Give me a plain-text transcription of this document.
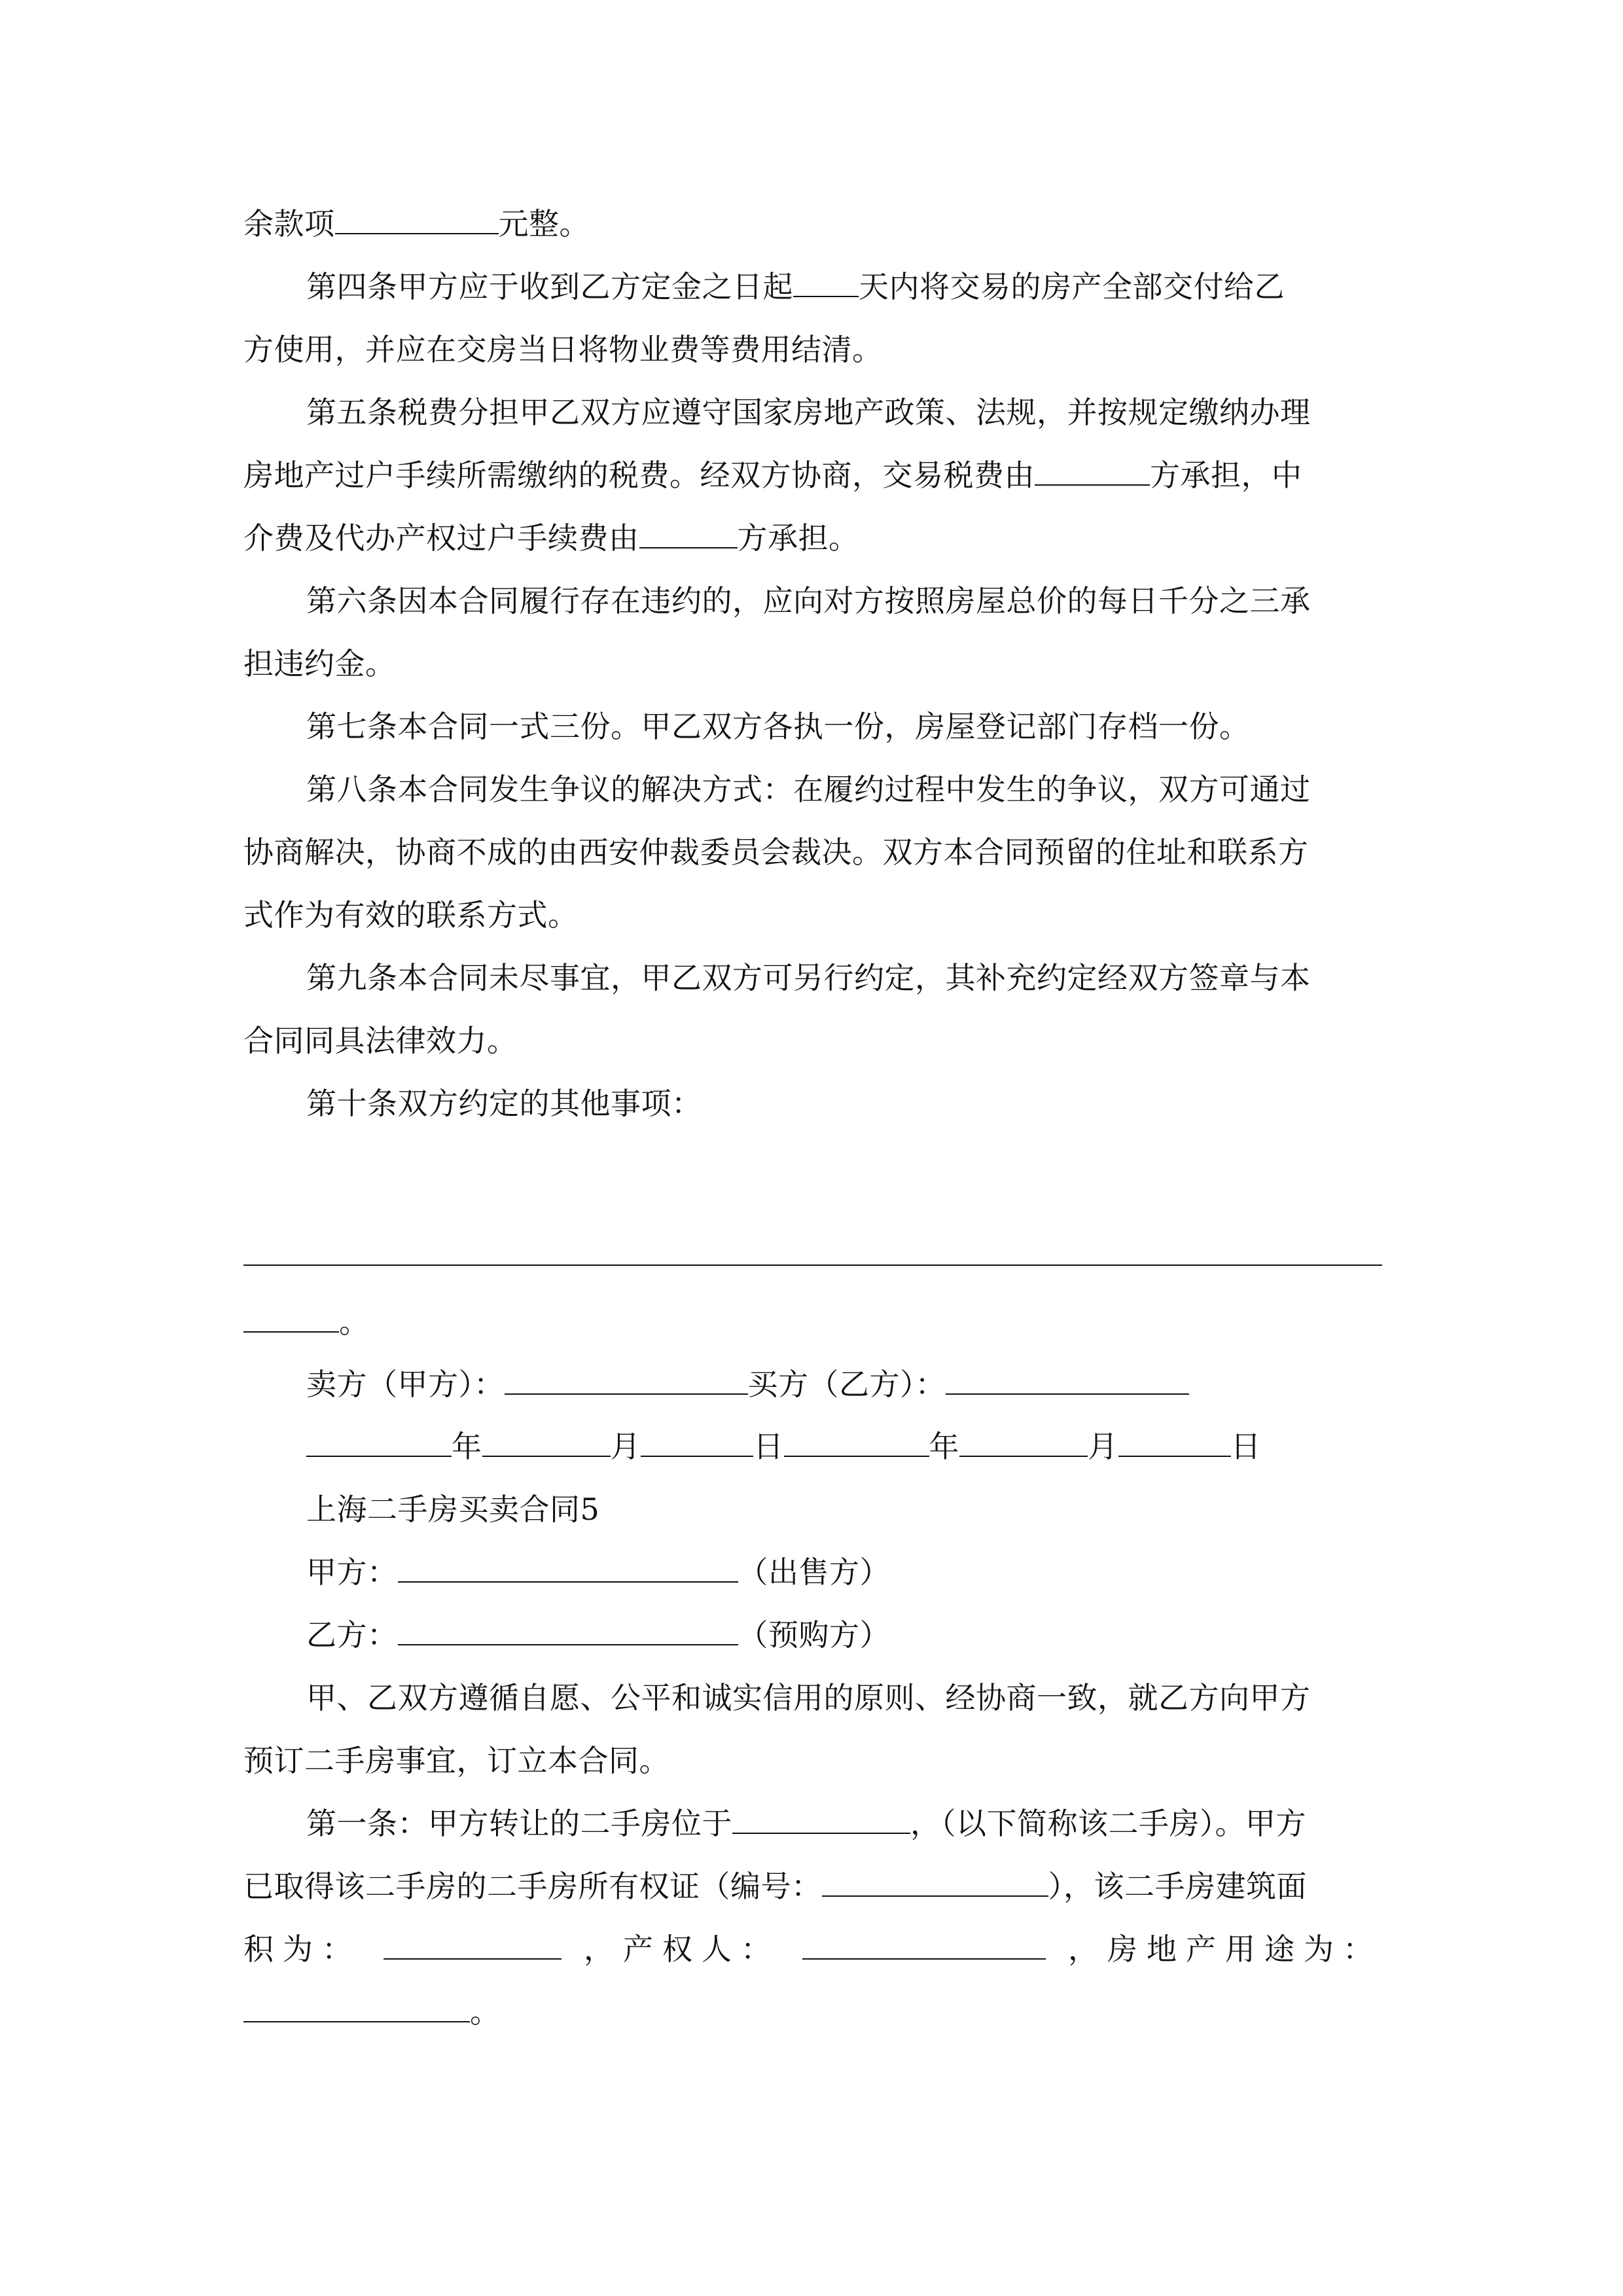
余款项	元整。
第四条甲方应于收到乙方定金之日起 天内将交易的房产全部交付给乙
方使用，并应在交房当日将物业费等费用结清。
第五条税费分担甲乙双方应遵守国家房地产政策、法规，并按规定缴纳办理
房地产过户手续所需缴纳的税费。经双方协商，交易税费由	方承担，中
介费及代办产权过户手续费由	方承担。
第六条因本合同履行存在违约的，应向对方按照房屋总价的每日千分之三承
担违约金。
第七条本合同一式三份。甲乙双方各执一份，房屋登记部门存档一份。
第八条本合同发生争议的解决方式：在履约过程中发生的争议，双方可通过
协商解决，协商不成的由西安仲裁委员会裁决。双方本合同预留的住址和联系方
式作为有效的联系方式。
第九条本合同未尽事宜，甲乙双方可另行约定，其补充约定经双方签章与本
合同同具法律效力。
第十条双方约定的其他事项：
。
卖方（甲方）：	买方（乙方）：
年	月	日	年	月	日
上海二手房买卖合同5
甲方：	（出售方）
乙方：	（预购方）
甲、乙双方遵循自愿、公平和诚实信用的原则、经协商一致，就乙方向甲方
预订二手房事宜，订立本合同。
第一条：甲方转让的二手房位于	，（以下简称该二手房）。甲方
已取得该二手房的二手房所有权证（编号：	），该二手房建筑面
积为：	，产权人：	，房地产用途为：
。
